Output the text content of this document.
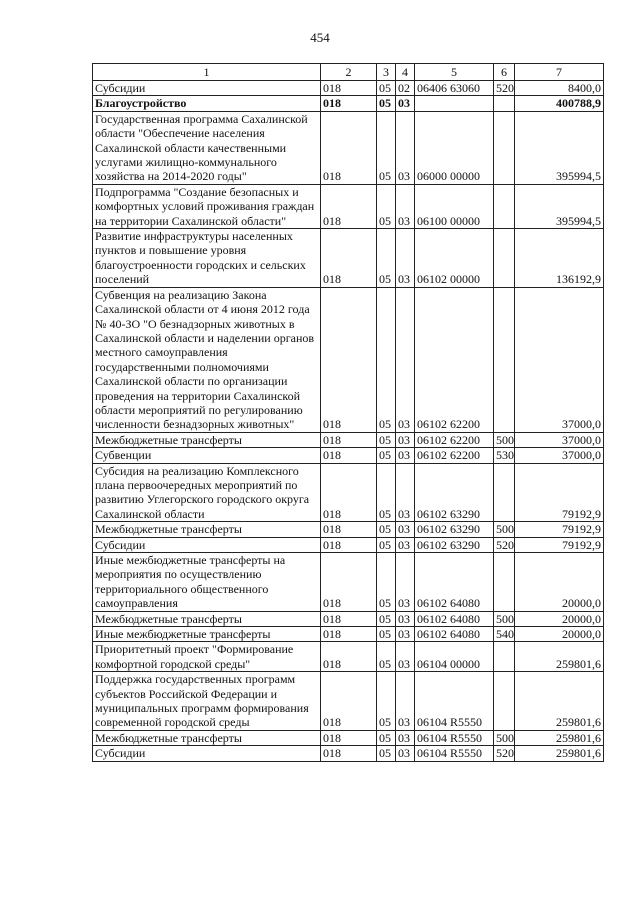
454
1	2	3	4	5	6	7
Субсидии	018	05	02	06406 63060	520	8400,0
Благоустройство	018	05	03			400788,9
Государственная программа Сахалинской области "Обеспечение населения Сахалинской области качественными услугами жилищно-коммунального хозяйства на 2014-2020 годы"	018	05	03	06000 00000		395994,5
Подпрограмма "Создание безопасных и комфортных условий проживания граждан на территории Сахалинской области"	018	05	03	06100 00000		395994,5
Развитие инфраструктуры населенных пунктов и повышение уровня благоустроенности городских и сельских поселений	018	05	03	06102 00000		136192,9
Субвенция на реализацию Закона Сахалинской области от 4 июня 2012 года № 40-ЗО "О безнадзорных животных в Сахалинской области и наделении органов местного самоуправления государственными полномочиями Сахалинской области по организации проведения на территории Сахалинской области мероприятий по регулированию численности безнадзорных животных"	018	05	03	06102 62200		37000,0
Межбюджетные трансферты	018	05	03	06102 62200	500	37000,0
Субвенции	018	05	03	06102 62200	530	37000,0
Субсидия на реализацию Комплексного плана первоочередных мероприятий по развитию Углегорского городского округа Сахалинской области	018	05	03	06102 63290		79192,9
Межбюджетные трансферты	018	05	03	06102 63290	500	79192,9
Субсидии	018	05	03	06102 63290	520	79192,9
Иные межбюджетные трансферты на мероприятия по осуществлению территориального общественного самоуправления	018	05	03	06102 64080		20000,0
Межбюджетные трансферты	018	05	03	06102 64080	500	20000,0
Иные межбюджетные трансферты	018	05	03	06102 64080	540	20000,0
Приоритетный проект "Формирование комфортной городской среды"	018	05	03	06104 00000		259801,6
Поддержка государственных программ субъектов Российской Федерации и муниципальных программ формирования современной городской среды	018	05	03	06104 R5550		259801,6
Межбюджетные трансферты	018	05	03	06104 R5550	500	259801,6
Субсидии	018	05	03	06104 R5550	520	259801,6
